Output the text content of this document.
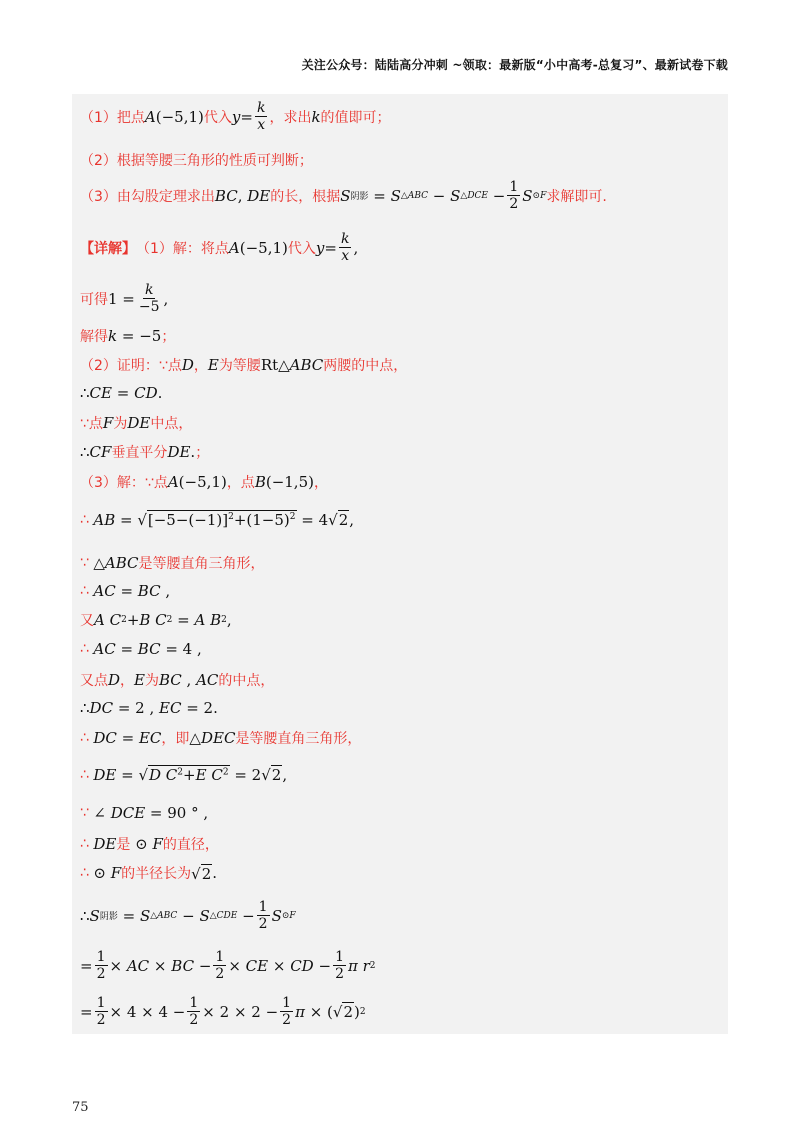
关注公众号：陆陆高分冲刺 ~领取：最新版“小中高考-总复习”、最新试卷下载
（1）把点 A (−5,1) 代入 $y = \frac{k}{x}$ ，求出 k 的值即可；
（2）根据等腰三角形的性质可判断；
（3）由勾股定理求出 BC , DE 的长，根据 S 阴影 = S △ABC − S △DCE − $\frac{1}{2}$ S ⊙F 求解即可.
【详解】 （1）解：将点 A (−5,1) 代入 $y = \frac{k}{x}$ ,
可得 $1 = \frac{k}{-5}$ ,
解得 k = −5 ；
（2）证明：∵点 D ， E 为等腰 Rt△ ABC 两腰的中点，
∴ CE = CD .
∵点 F 为 DE 中点，
∴ CF 垂直平分 DE . ；
（3）解：∵点 A (−5,1) ，点 B (−1,5) ，
∴ AB = √ $[-5-(-1)]^2+(1-5)^2 = 4$ √ 2 ,
∵ △ ABC 是等腰直角三角形，
∴ AC = BC ,
又 A C 2 + B C 2 = A B 2 ,
∴ AC = BC = 4 ,
又点 D ， E 为 BC , AC 的中点，
∴ DC = 2 , EC = 2.
∴ DC = EC ，即 △ DEC 是等腰直角三角形，
∴ DE = √ D $C^2+E$ $C^2 = 2$ √ 2 ,
∵ ∠ DCE = 90 ° ,
∴ DE 是 ⊙ F 的直径，
∴ ⊙ F 的半径长为 √ 2 .
∴ S 阴影 = S △ABC − S △CDE − $\frac{1}{2}$ S ⊙F
= $\frac{1}{2}$ × AC × BC − $\frac{1}{2}$ × CE × CD − $\frac{1}{2}$ π r 2
= $\frac{1}{2} \times 4 \times 4 - \frac{1}{2} \times 2 \times 2 - \frac{1}{2}$ π × ( √ 2 ) 2
75
